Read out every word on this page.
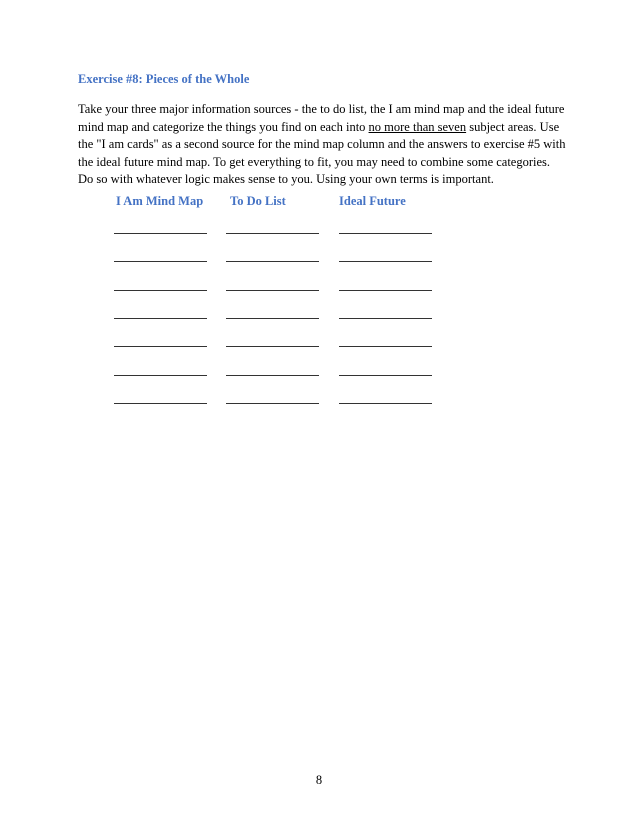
Exercise #8: Pieces of the Whole

Take your three major information sources - the to do list, the I am mind map and the ideal future
mind map and categorize the things you find on each into no more than seven subject areas. Use
the "I am cards" as a second source for the mind map column and the answers to exercise #5 with
the ideal future mind map. To get everything to fit, you may need to combine some categories.
Do so with whatever logic makes sense to you. Using your own terms is important.

I Am Mind Map To Do List	Ideal Future
8
